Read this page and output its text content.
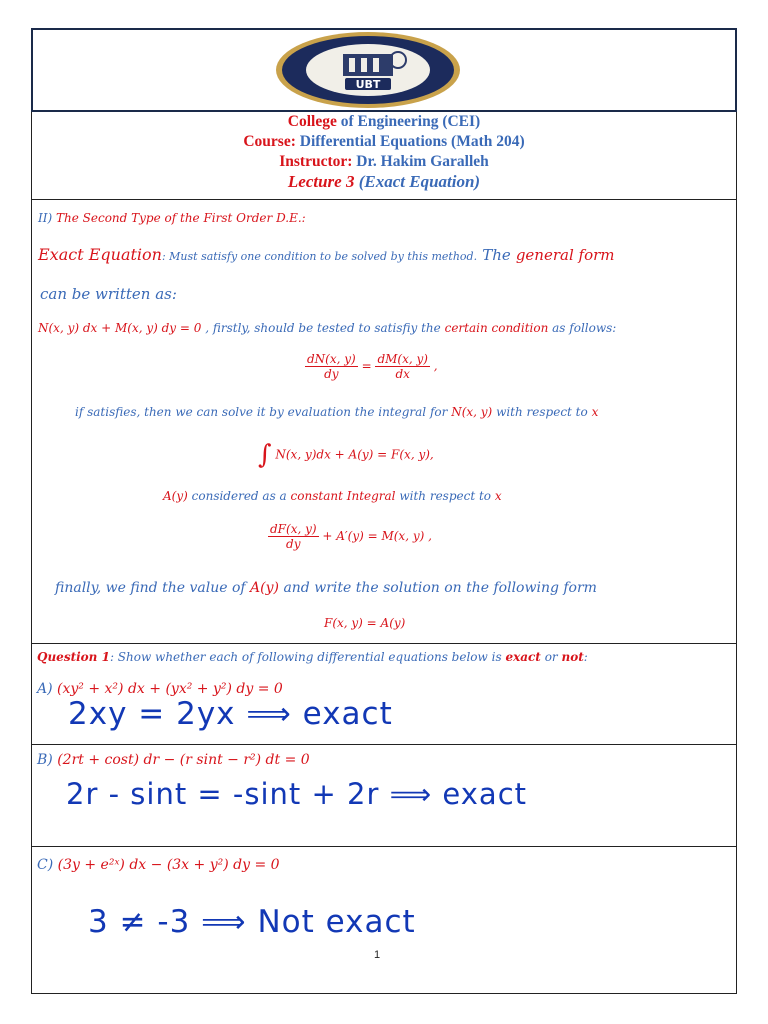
UBT
College of Engineering (CEI)
Course: Differential Equations (Math 204)
Instructor: Dr. Hakim Garalleh
Lecture 3 (Exact Equation)
II) The Second Type of the First Order D.E.:
Exact Equation: Must satisfy one condition to be solved by this method. The general form
can be written as:
N(x, y) dx + M(x, y) dy = 0 , firstly, should be tested to satisfiy the certain condition as follows:
$\frac{dN(x, y)}{dy} = \frac{dM(x, y)}{dx}$ ,
if satisfies, then we can solve it by evaluation the integral for N(x, y) with respect to x
∫ N(x, y)dx + A(y) = F(x, y),
A(y) considered as a constant Integral with respect to x
$\frac{dF(x, y)}{dy} + A'(y) = M(x$, y) ,
finally, we find the value of A(y) and write the solution on the following form
F(x, y) = A(y)
Question 1: Show whether each of following differential equations below is exact or not:
A) (xy² + x²) dx + (yx² + y²) dy = 0
2xy = 2yx ⟹ exact
B) (2rt + cost) dr − (r sint − r²) dt = 0
2r - sint = -sint + 2r ⟹ exact
C) (3y + e²ˣ) dx − (3x + y²) dy = 0
3 ≠ -3 ⟹ Not exact
1
